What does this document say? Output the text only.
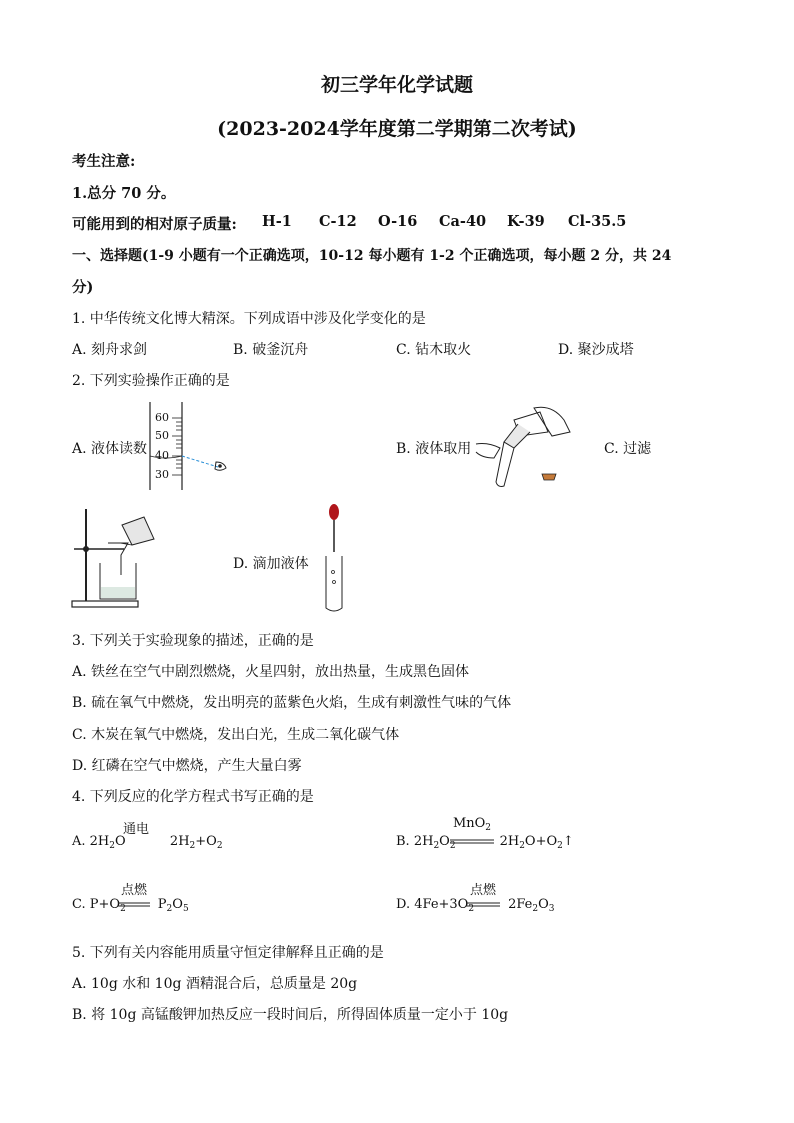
初三学年化学试题
(2023-2024学年度第二学期第二次考试)
考生注意:
1.总分 70 分。
可能用到的相对原子质量: H-1 C-12 O-16 Ca-40 K-39 Cl-35.5
一、选择题(1-9 小题有一个正确选项，10-12 每小题有 1-2 个正确选项，每小题 2 分，共 24
分)
1. 中华传统文化博大精深。下列成语中涉及化学变化的是
A. 刻舟求剑	B. 破釜沉舟	C. 钻木取火	D. 聚沙成塔
2. 下列实验操作正确的是
A. 液体读数
60
50
40
30
B. 液体取用	C. 过滤
D. 滴加液体
3. 下列关于实验现象的描述，正确的是
A. 铁丝在空气中剧烈燃烧，火星四射，放出热量，生成黑色固体
B. 硫在氧气中燃烧，发出明亮的蓝紫色火焰，生成有刺激性气味的气体
C. 木炭在氧气中燃烧，发出白光，生成二氧化碳气体
D. 红磷在空气中燃烧，产生大量白雾
4. 下列反应的化学方程式书写正确的是
A. $2H_2O$	$2H_2+O_2$
通电
B. $2H_2O_2$	$2H_2O+O_2↑$
MnO$_2$
C. $P+O_2$ $P_2O_5$
点燃
D. $4Fe+3O_2$	$2Fe_2O_3$
点燃
5. 下列有关内容能用质量守恒定律解释且正确的是
A. 10g 水和 10g 酒精混合后，总质量是 20g
B. 将 10g 高锰酸钾加热反应一段时间后，所得固体质量一定小于 10g
